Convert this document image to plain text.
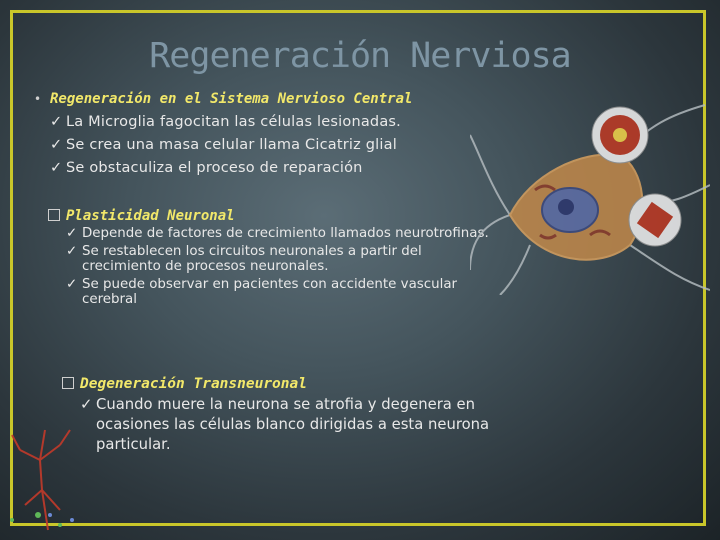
Regeneración Nerviosa
• Regeneración en el Sistema Nervioso Central
✓ La Microglia fagocitan las células lesionadas.
✓ Se crea una masa celular llama Cicatriz glial
✓ Se obstaculiza el proceso de reparación
Plasticidad Neuronal
✓ Depende de factores de crecimiento llamados neurotrofinas.
✓ Se restablecen los circuitos neuronales a partir del crecimiento de procesos neuronales.
✓ Se puede observar en pacientes con accidente vascular cerebral
Degeneración Transneuronal
✓ Cuando muere la neurona se atrofia y degenera en ocasiones las células blanco dirigidas a esta neurona particular.
